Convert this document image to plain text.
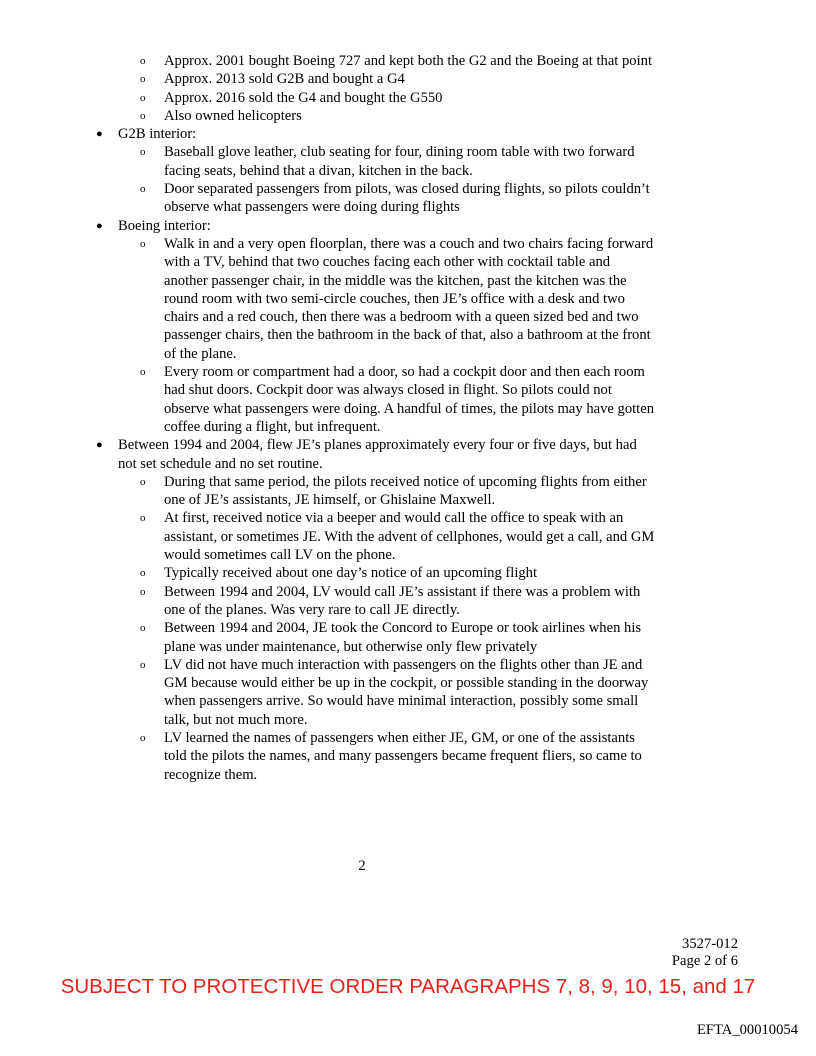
o	Approx. 2001 bought Boeing 727 and kept both the G2 and the Boeing at that point
o	Approx. 2013 sold G2B and bought a G4
o	Approx. 2016 sold the G4 and bought the G550
o	Also owned helicopters
●	G2B interior:
o	Baseball glove leather, club seating for four, dining room table with two forward facing seats, behind that a divan, kitchen in the back.
o	Door separated passengers from pilots, was closed during flights, so pilots couldn’t observe what passengers were doing during flights
●	Boeing interior:
o	Walk in and a very open floorplan, there was a couch and two chairs facing forward with a TV, behind that two couches facing each other with cocktail table and another passenger chair, in the middle was the kitchen, past the kitchen was the round room with two semi-circle couches, then JE’s office with a desk and two chairs and a red couch, then there was a bedroom with a queen sized bed and two passenger chairs, then the bathroom in the back of that, also a bathroom at the front of the plane.
o	Every room or compartment had a door, so had a cockpit door and then each room had shut doors. Cockpit door was always closed in flight. So pilots could not observe what passengers were doing. A handful of times, the pilots may have gotten coffee during a flight, but infrequent.
●	Between 1994 and 2004, flew JE’s planes approximately every four or five days, but had not set schedule and no set routine.
o	During that same period, the pilots received notice of upcoming flights from either one of JE’s assistants, JE himself, or Ghislaine Maxwell.
o	At first, received notice via a beeper and would call the office to speak with an assistant, or sometimes JE. With the advent of cellphones, would get a call, and GM would sometimes call LV on the phone.
o	Typically received about one day’s notice of an upcoming flight
o	Between 1994 and 2004, LV would call JE’s assistant if there was a problem with one of the planes. Was very rare to call JE directly.
o	Between 1994 and 2004, JE took the Concord to Europe or took airlines when his plane was under maintenance, but otherwise only flew privately
o	LV did not have much interaction with passengers on the flights other than JE and GM because would either be up in the cockpit, or possible standing in the doorway when passengers arrive. So would have minimal interaction, possibly some small talk, but not much more.
o	LV learned the names of passengers when either JE, GM, or one of the assistants told the pilots the names, and many passengers became frequent fliers, so came to recognize them.
2
3527-012
Page 2 of 6
SUBJECT TO PROTECTIVE ORDER PARAGRAPHS 7, 8, 9, 10, 15, and 17
EFTA_00010054
